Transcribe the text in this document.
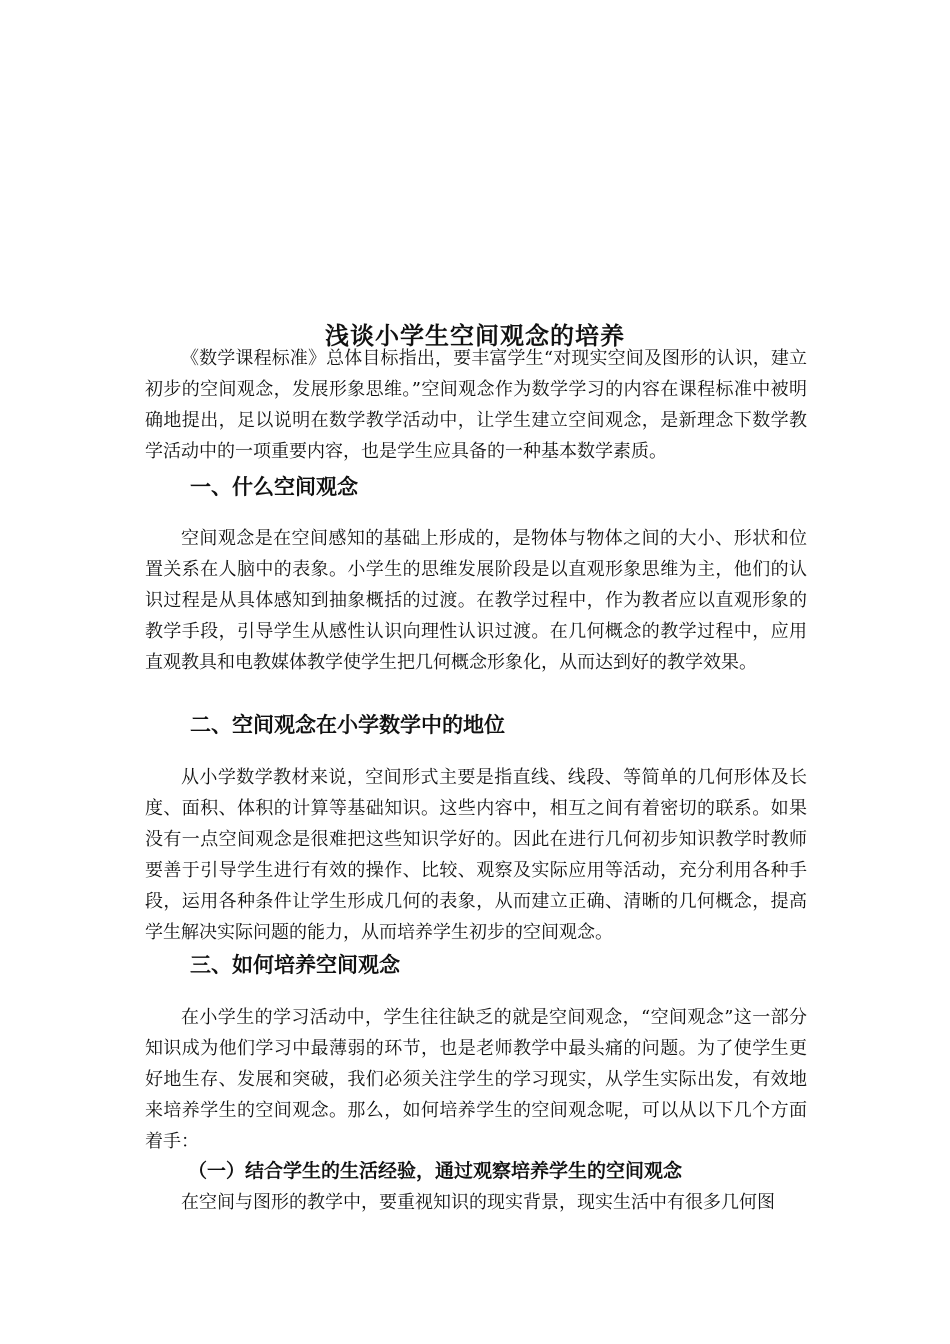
浅谈小学生空间观念的培养

《数学课程标准》总体目标指出，要丰富学生“对现实空间及图形的认识，建立初步的空间观念，发展形象思维。”空间观念作为数学学习的内容在课程标准中被明确地提出，足以说明在数学教学活动中，让学生建立空间观念，是新理念下数学教学活动中的一项重要内容，也是学生应具备的一种基本数学素质。

一、什么空间观念

空间观念是在空间感知的基础上形成的，是物体与物体之间的大小、形状和位置关系在人脑中的表象。小学生的思维发展阶段是以直观形象思维为主，他们的认识过程是从具体感知到抽象概括的过渡。在教学过程中，作为教者应以直观形象的教学手段，引导学生从感性认识向理性认识过渡。在几何概念的教学过程中，应用直观教具和电教媒体教学使学生把几何概念形象化，从而达到好的教学效果。

二、空间观念在小学数学中的地位

从小学数学教材来说，空间形式主要是指直线、线段、等简单的几何形体及长度、面积、体积的计算等基础知识。这些内容中，相互之间有着密切的联系。如果没有一点空间观念是很难把这些知识学好的。因此在进行几何初步知识教学时教师要善于引导学生进行有效的操作、比较、观察及实际应用等活动，充分利用各种手段，运用各种条件让学生形成几何的表象，从而建立正确、清晰的几何概念，提高学生解决实际问题的能力，从而培养学生初步的空间观念。

三、如何培养空间观念

在小学生的学习活动中，学生往往缺乏的就是空间观念，“空间观念”这一部分知识成为他们学习中最薄弱的环节，也是老师教学中最头痛的问题。为了使学生更好地生存、发展和突破，我们必须关注学生的学习现实，从学生实际出发，有效地来培养学生的空间观念。那么，如何培养学生的空间观念呢，可以从以下几个方面着手：

（一）结合学生的生活经验，通过观察培养学生的空间观念

在空间与图形的教学中，要重视知识的现实背景，现实生活中有很多几何图
